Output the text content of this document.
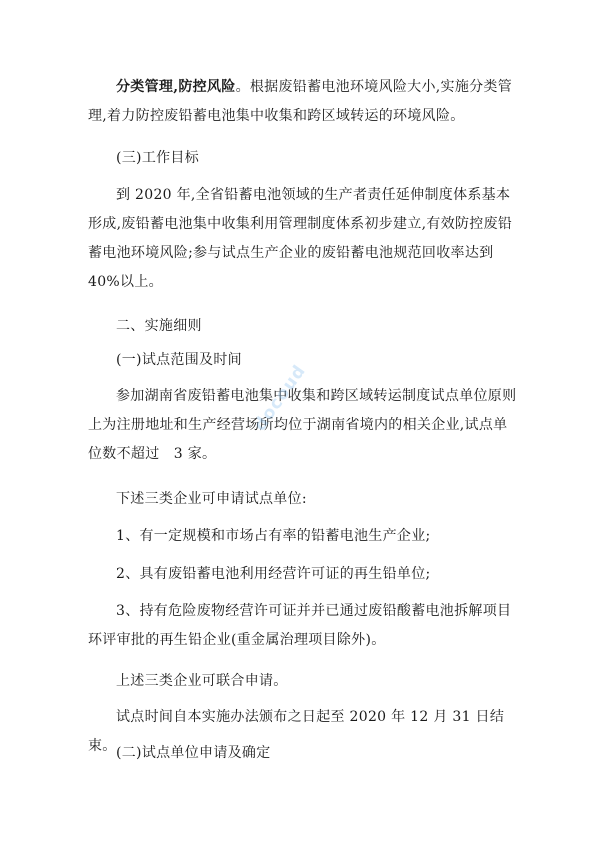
分类管理,防控风险。根据废铅蓄电池环境风险大小,实施分类管理,着力防控废铅蓄电池集中收集和跨区域转运的环境风险。

(三)工作目标

到 2020 年,全省铅蓄电池领域的生产者责任延伸制度体系基本形成,废铅蓄电池集中收集利用管理制度体系初步建立,有效防控废铅蓄电池环境风险;参与试点生产企业的废铅蓄电池规范回收率达到 40%以上。

二、实施细则

(一)试点范围及时间

参加湖南省废铅蓄电池集中收集和跨区域转运制度试点单位原则上为注册地址和生产经营场所均位于湖南省境内的相关企业,试点单位数不超过　3 家。

下述三类企业可申请试点单位:

1、有一定规模和市场占有率的铅蓄电池生产企业;

2、具有废铅蓄电池利用经营许可证的再生铅单位;

3、持有危险废物经营许可证并并已通过废铅酸蓄电池拆解项目环评审批的再生铅企业(重金属治理项目除外)。

上述三类企业可联合申请。

试点时间自本实施办法颁布之日起至 2020 年 12 月 31 日结束。 (二)试点单位申请及确定

docoud
